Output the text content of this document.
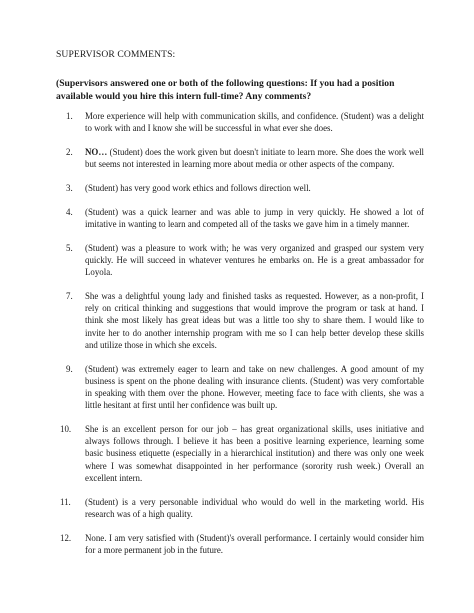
SUPERVISOR COMMENTS:
(Supervisors answered one or both of the following questions: If you had a position available would you hire this intern full-time? Any comments?
1.	More experience will help with communication skills, and confidence. (Student) was a delight to work with and I know she will be successful in what ever she does.
2.	NO… (Student) does the work given but doesn't initiate to learn more. She does the work well but seems not interested in learning more about media or other aspects of the company.
3.	(Student) has very good work ethics and follows direction well.
4.	(Student) was a quick learner and was able to jump in very quickly. He showed a lot of imitative in wanting to learn and competed all of the tasks we gave him in a timely manner.
5.	(Student) was a pleasure to work with; he was very organized and grasped our system very quickly. He will succeed in whatever ventures he embarks on. He is a great ambassador for Loyola.
7.	She was a delightful young lady and finished tasks as requested. However, as a non-profit, I rely on critical thinking and suggestions that would improve the program or task at hand. I think she most likely has great ideas but was a little too shy to share them. I would like to invite her to do another internship program with me so I can help better develop these skills and utilize those in which she excels.
9.	(Student) was extremely eager to learn and take on new challenges. A good amount of my business is spent on the phone dealing with insurance clients. (Student) was very comfortable in speaking with them over the phone. However, meeting face to face with clients, she was a little hesitant at first until her confidence was built up.
10.	She is an excellent person for our job – has great organizational skills, uses initiative and always follows through. I believe it has been a positive learning experience, learning some basic business etiquette (especially in a hierarchical institution) and there was only one week where I was somewhat disappointed in her performance (sorority rush week.) Overall an excellent intern.
11.	(Student) is a very personable individual who would do well in the marketing world. His research was of a high quality.
12.	None. I am very satisfied with (Student)'s overall performance. I certainly would consider him for a more permanent job in the future.
